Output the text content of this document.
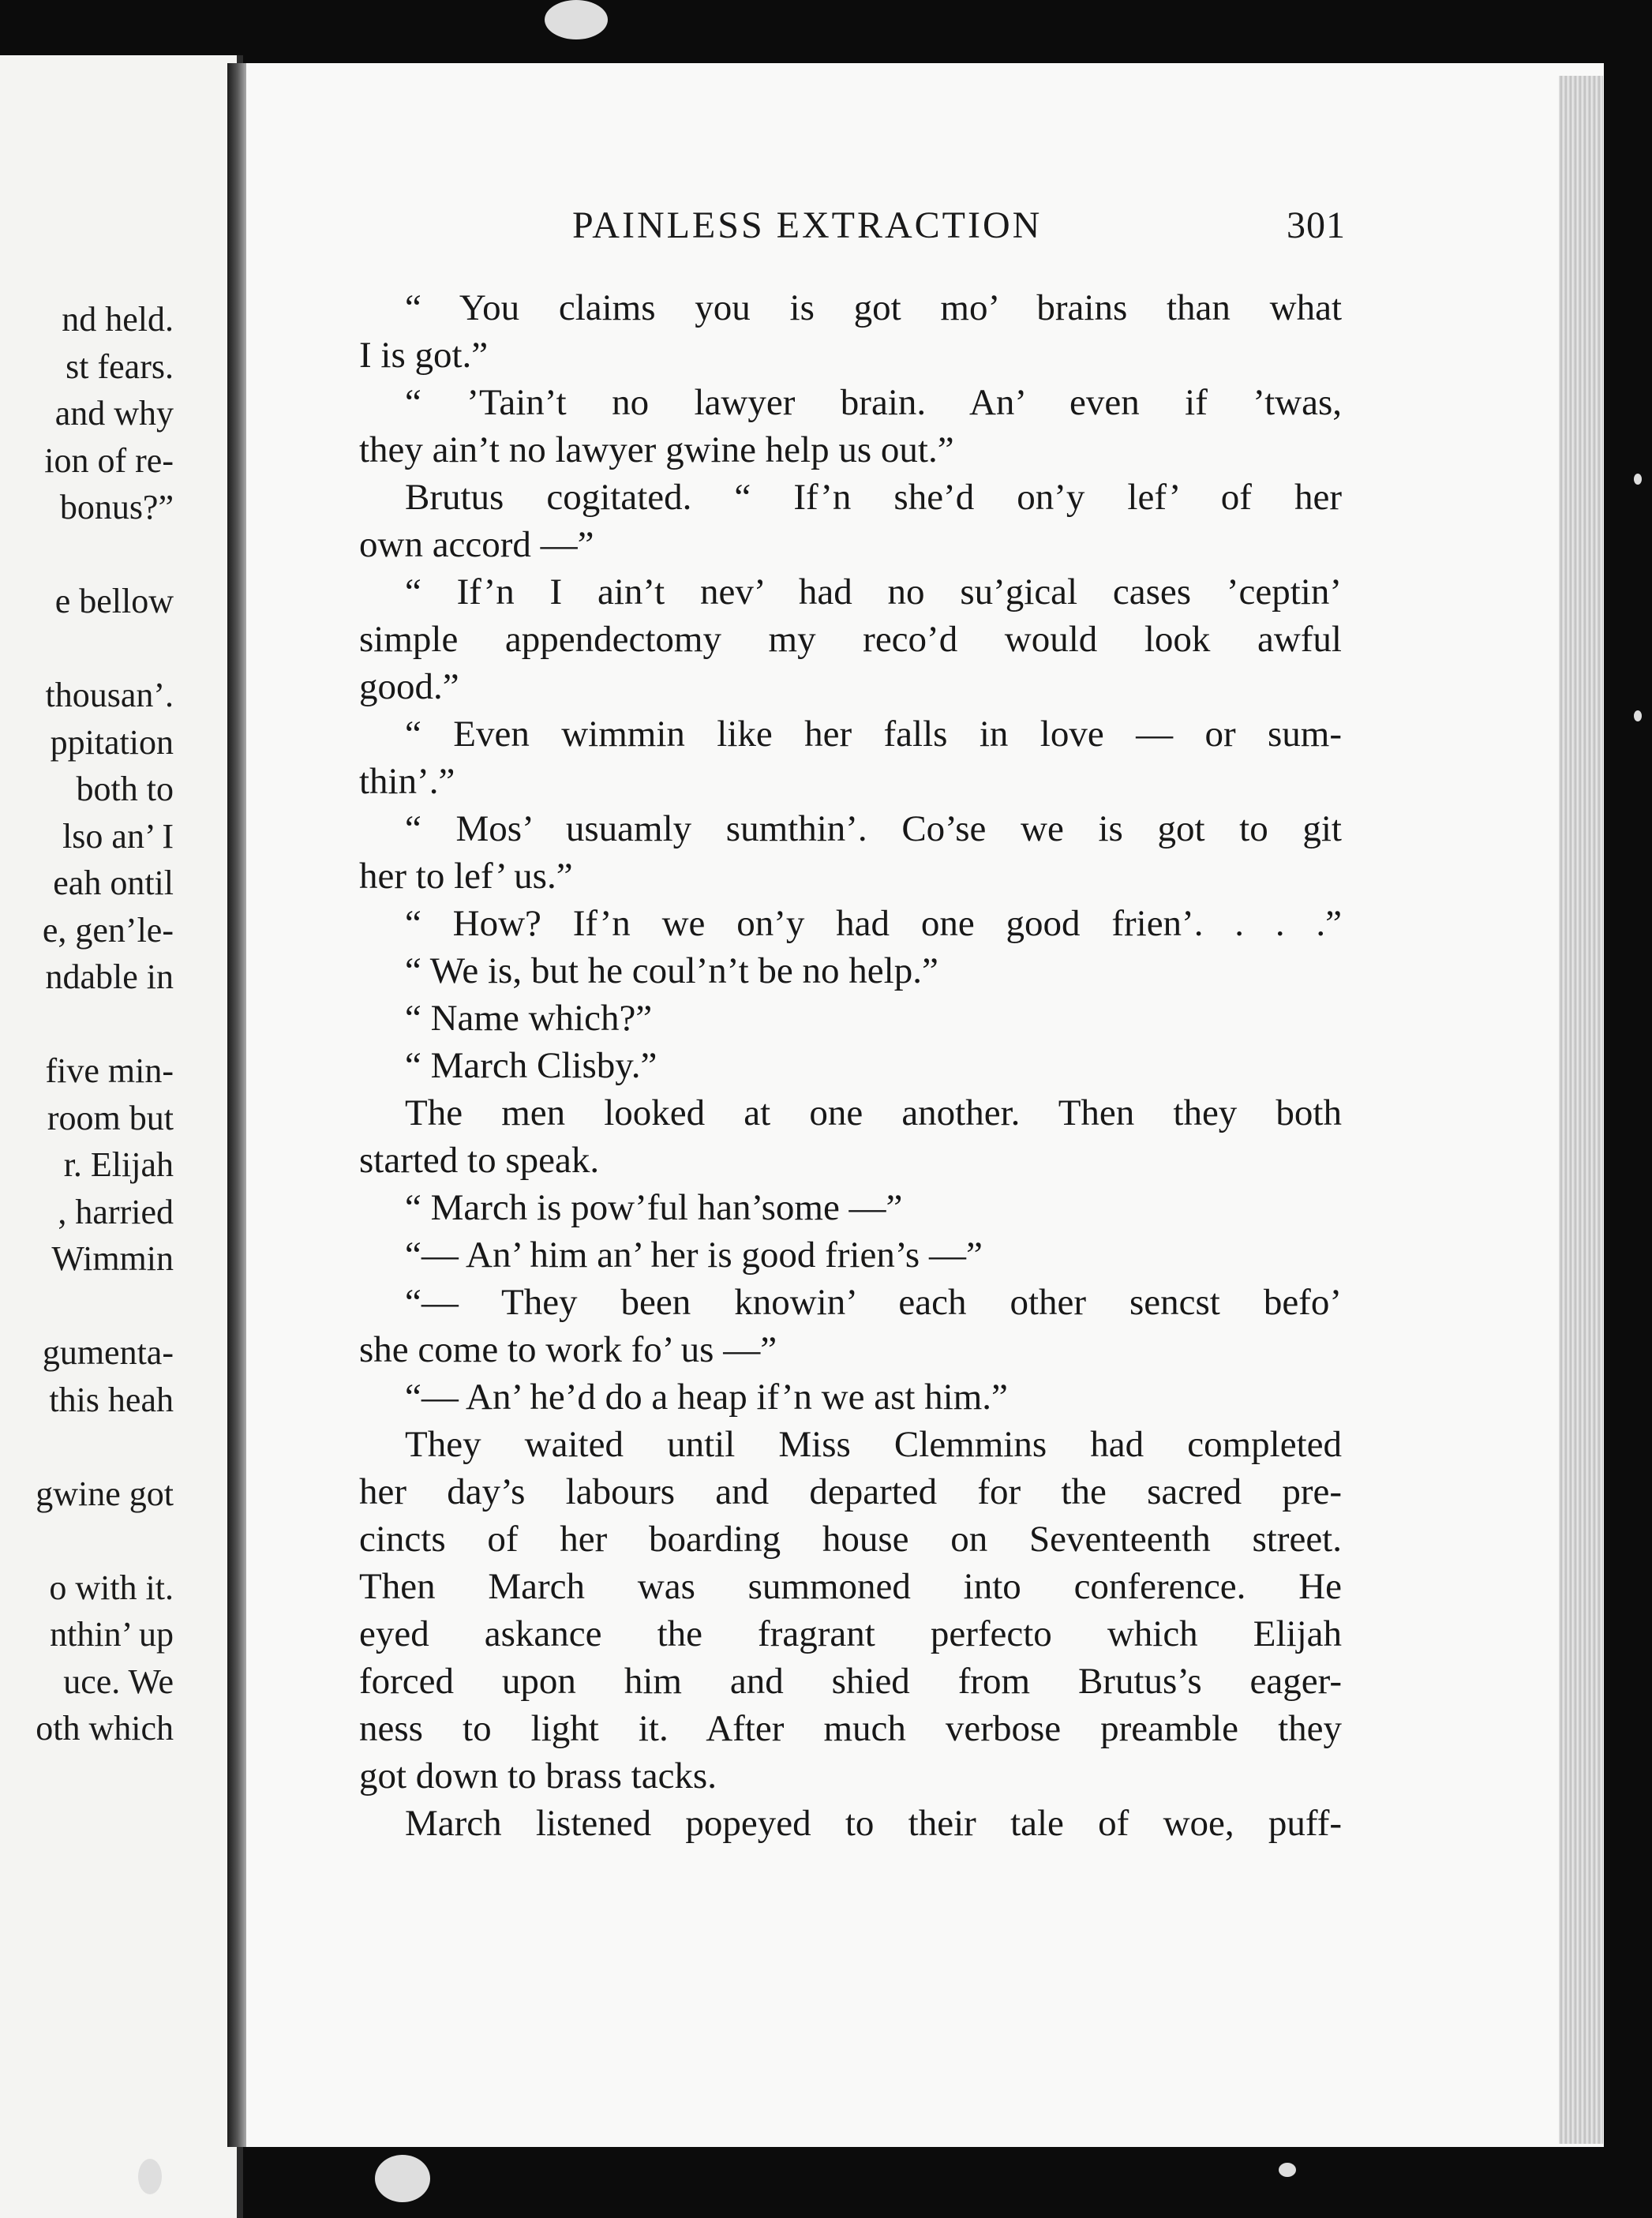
nd held.
st fears.
and why
ion of re-
bonus?”
e bellow
thousan’.
ppitation
both to
lso an’ I
eah ontil
e, gen’le-
ndable in
five min-
room but
r. Elijah
, harried
Wimmin
gumenta-
this heah
gwine got
o with it.
nthin’ up
uce. We
oth which
PAINLESS EXTRACTION	301
“ You claims you is got mo’ brains than what
I is got.”
“ ’Tain’t no lawyer brain. An’ even if ’twas,
they ain’t no lawyer gwine help us out.”
Brutus cogitated. “ If’n she’d on’y lef’ of her
own accord —”
“ If’n I ain’t nev’ had no su’gical cases ’ceptin’
simple appendectomy my reco’d would look awful
good.”
“ Even wimmin like her falls in love — or sum-
thin’.”
“ Mos’ usuamly sumthin’. Co’se we is got to git
her to lef’ us.”
“ How? If’n we on’y had one good frien’. . . .”
“ We is, but he coul’n’t be no help.”
“ Name which?”
“ March Clisby.”
The men looked at one another. Then they both
started to speak.
“ March is pow’ful han’some —”
“— An’ him an’ her is good frien’s —”
“— They been knowin’ each other sencst befo’
she come to work fo’ us —”
“— An’ he’d do a heap if’n we ast him.”
They waited until Miss Clemmins had completed
her day’s labours and departed for the sacred pre-
cincts of her boarding house on Seventeenth street.
Then March was summoned into conference. He
eyed askance the fragrant perfecto which Elijah
forced upon him and shied from Brutus’s eager-
ness to light it. After much verbose preamble they
got down to brass tacks.
March listened popeyed to their tale of woe, puff-
